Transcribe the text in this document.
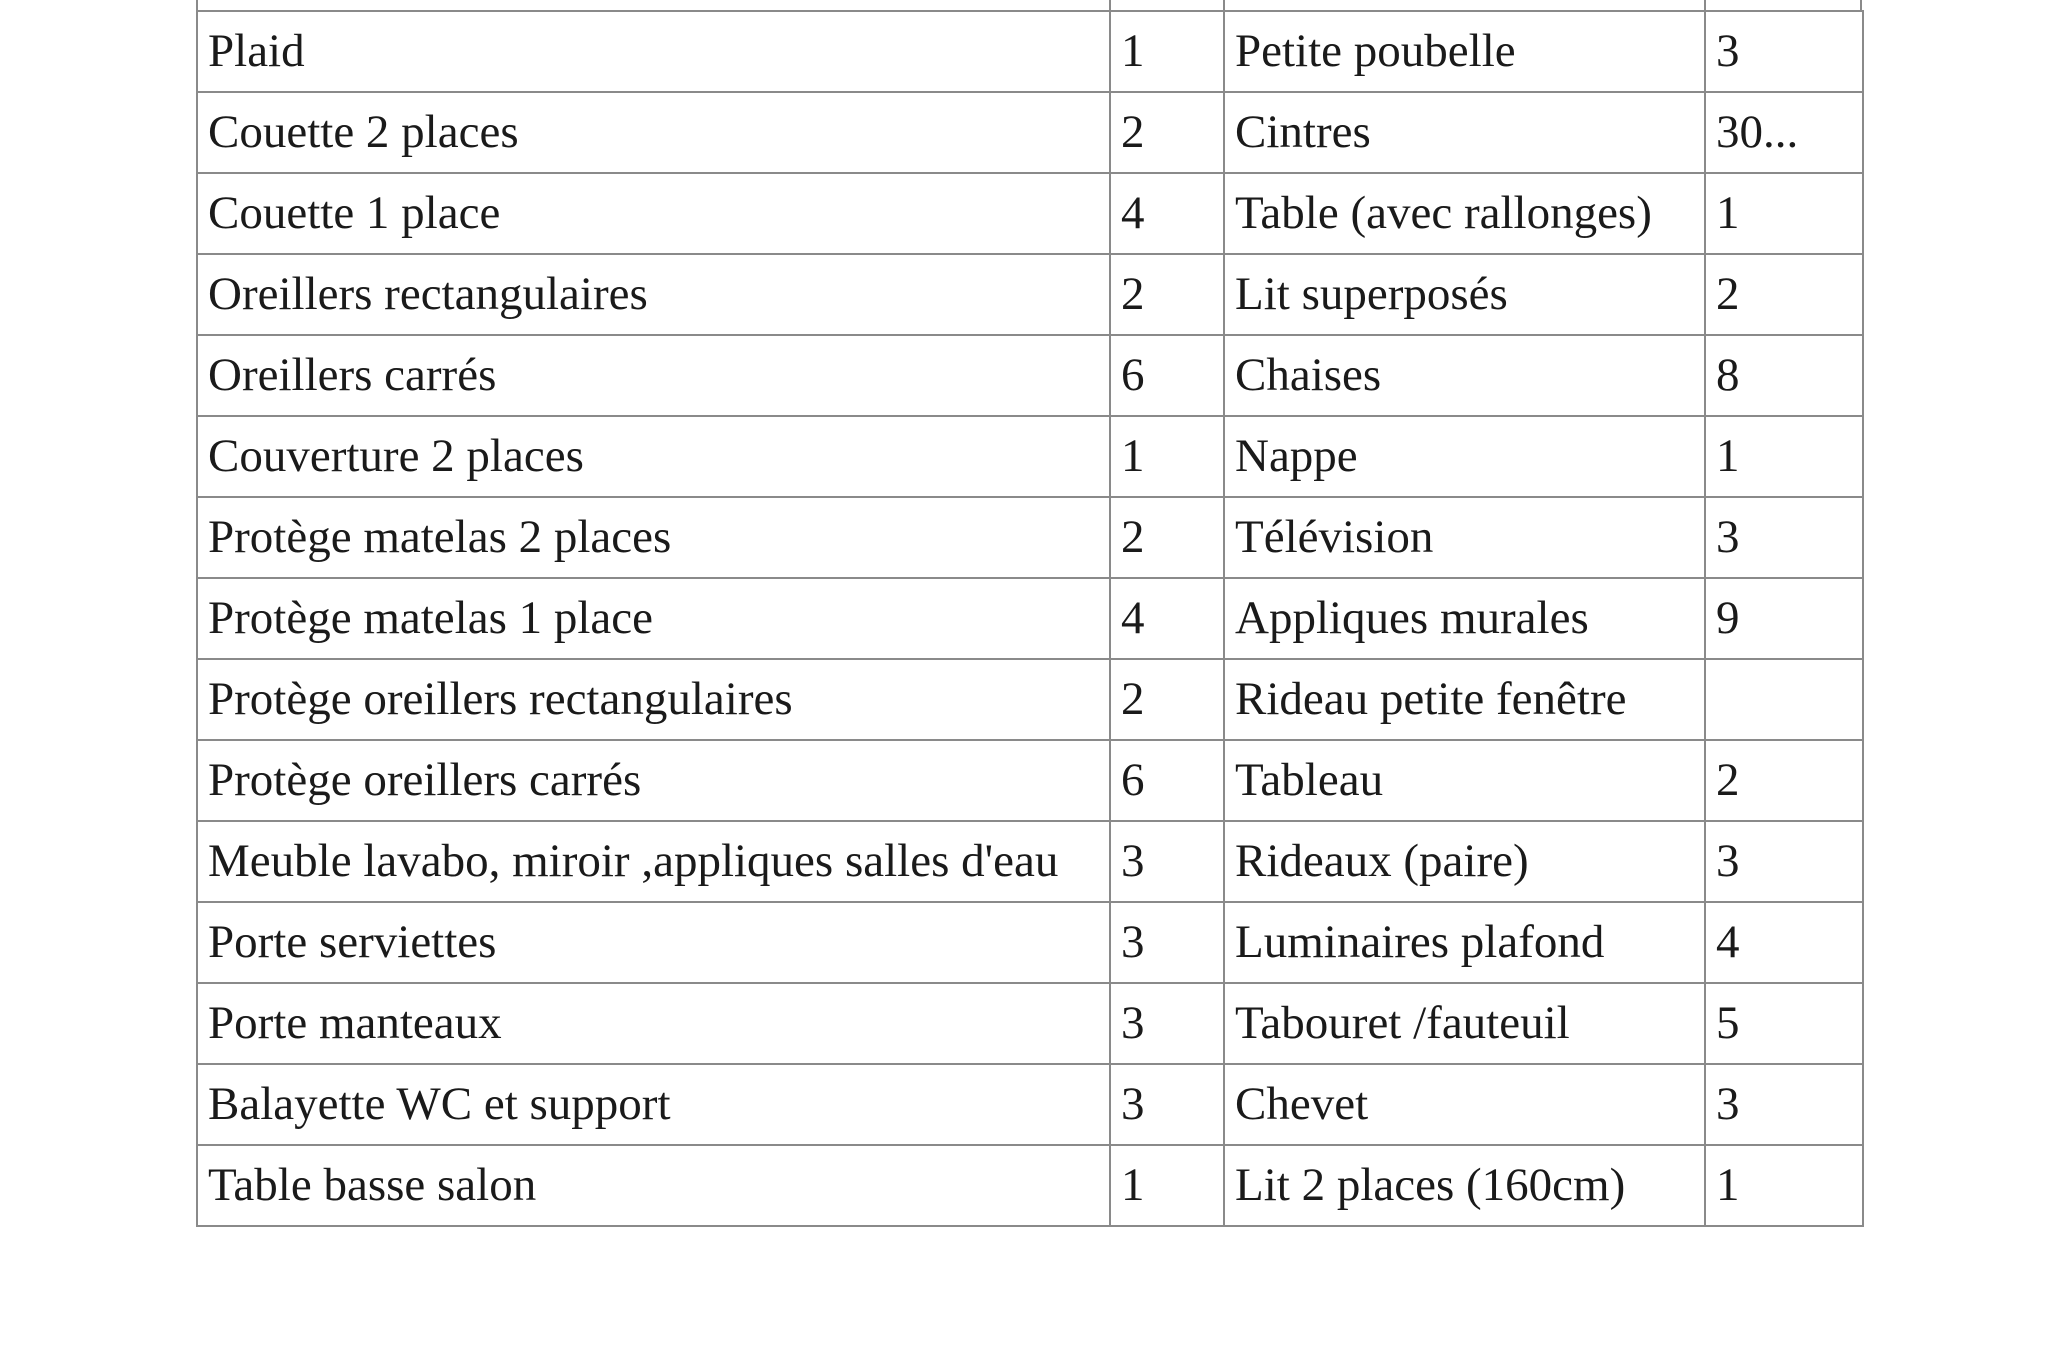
Plaid	1	Petite poubelle	3
Couette 2 places	2	Cintres	30...
Couette 1 place	4	Table (avec rallonges)	1
Oreillers rectangulaires	2	Lit superposés	2
Oreillers carrés	6	Chaises	8
Couverture 2 places	1	Nappe	1
Protège matelas 2 places	2	Télévision	3
Protège matelas 1 place	4	Appliques murales	9
Protège oreillers rectangulaires	2	Rideau petite fenêtre	
Protège oreillers carrés	6	Tableau	2
Meuble lavabo, miroir ,appliques salles d'eau	3	Rideaux (paire)	3
Porte serviettes	3	Luminaires plafond	4
Porte manteaux	3	Tabouret /fauteuil	5
Balayette WC et support	3	Chevet	3
Table basse salon	1	Lit 2 places (160cm)	1
